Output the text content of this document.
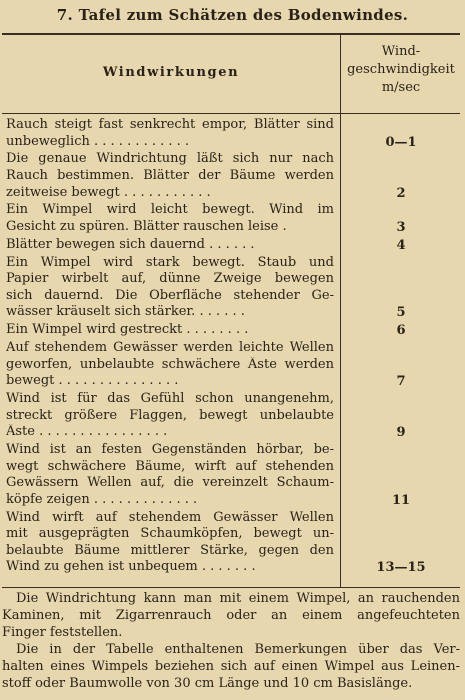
7. Tafel zum Schätzen des Bodenwindes.
Windwirkungen
Wind-
geschwindigkeit
m/sec
Rauch steigt fast senkrecht empor, Blätter sind
unbeweglich . . . . . . . . . . . .	0—1
Die genaue Windrichtung läßt sich nur nach
Rauch bestimmen. Blätter der Bäume werden
zeitweise bewegt . . . . . . . . . . .	2
Ein Wimpel wird leicht bewegt. Wind im
Gesicht zu spüren. Blätter rauschen leise .	3
Blätter bewegen sich dauernd . . . . . .	4
Ein Wimpel wird stark bewegt. Staub und
Papier wirbelt auf, dünne Zweige bewegen
sich dauernd. Die Oberfläche stehender Ge-
wässer kräuselt sich stärker. . . . . . .	5
Ein Wimpel wird gestreckt . . . . . . . .	6
Auf stehendem Gewässer werden leichte Wellen
geworfen, unbelaubte schwächere Äste werden
bewegt . . . . . . . . . . . . . . .	7
Wind ist für das Gefühl schon unangenehm,
streckt größere Flaggen, bewegt unbelaubte
Äste . . . . . . . . . . . . . . . .	9
Wind ist an festen Gegenständen hörbar, be-
wegt schwächere Bäume, wirft auf stehenden
Gewässern Wellen auf, die vereinzelt Schaum-
köpfe zeigen . . . . . . . . . . . . .	11
Wind wirft auf stehendem Gewässer Wellen
mit ausgeprägten Schaumköpfen, bewegt un-
belaubte Bäume mittlerer Stärke, gegen den
Wind zu gehen ist unbequem . . . . . . .	13—15
Die Windrichtung kann man mit einem Wimpel, an rauchenden
Kaminen, mit Zigarrenrauch oder an einem angefeuchteten
Finger feststellen.
Die in der Tabelle enthaltenen Bemerkungen über das Ver-
halten eines Wimpels beziehen sich auf einen Wimpel aus Leinen-
stoff oder Baumwolle von 30 cm Länge und 10 cm Basislänge.
